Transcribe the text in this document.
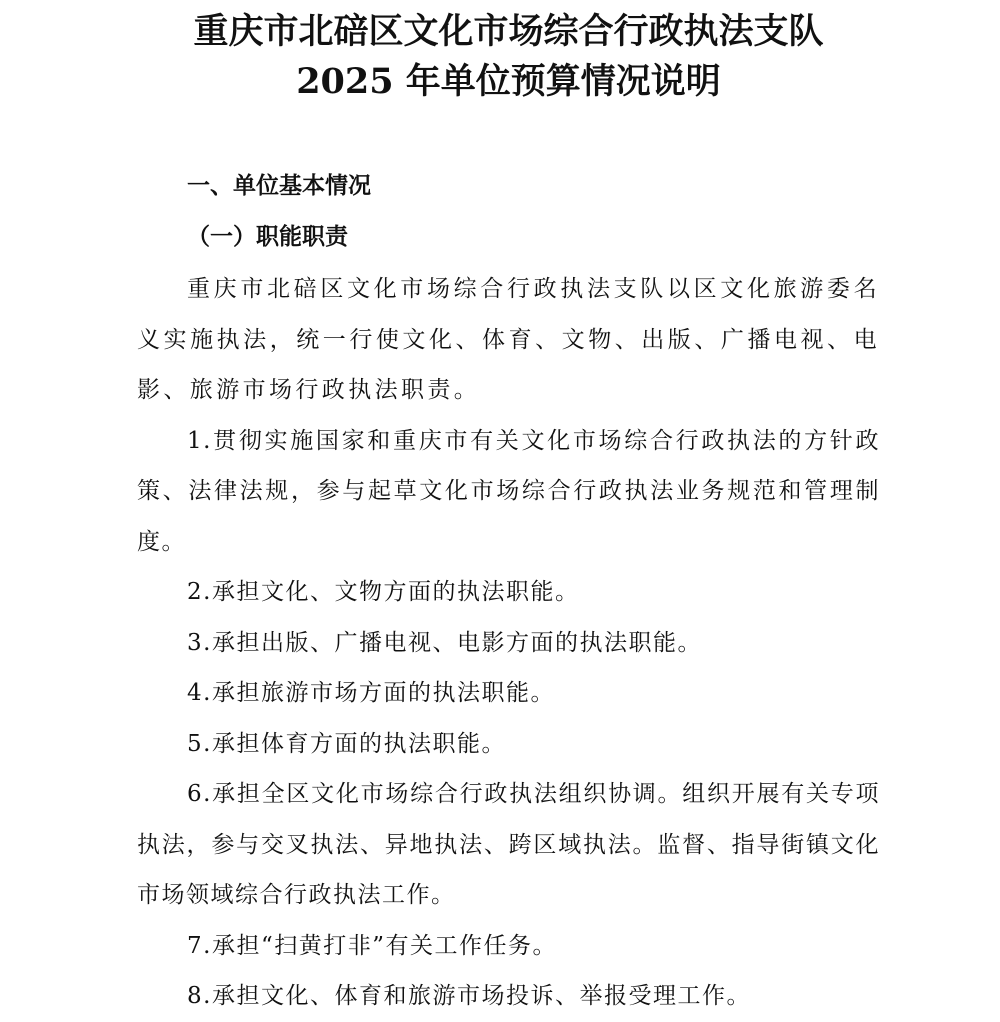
重庆市北碚区文化市场综合行政执法支队
2025 年单位预算情况说明
一、单位基本情况
（一）职能职责

重庆市北碚区文化市场综合行政执法支队以区文化旅游委名义实施执法，统一行使文化、体育、文物、出版、广播电视、电影、旅游市场行政执法职责。

1.贯彻实施国家和重庆市有关文化市场综合行政执法的方针政策、法律法规，参与起草文化市场综合行政执法业务规范和管理制度。

2.承担文化、文物方面的执法职能。

3.承担出版、广播电视、电影方面的执法职能。

4.承担旅游市场方面的执法职能。

5.承担体育方面的执法职能。

6.承担全区文化市场综合行政执法组织协调。组织开展有关专项执法，参与交叉执法、异地执法、跨区域执法。监督、指导街镇文化市场领域综合行政执法工作。

7.承担“扫黄打非”有关工作任务。

8.承担文化、体育和旅游市场投诉、举报受理工作。
